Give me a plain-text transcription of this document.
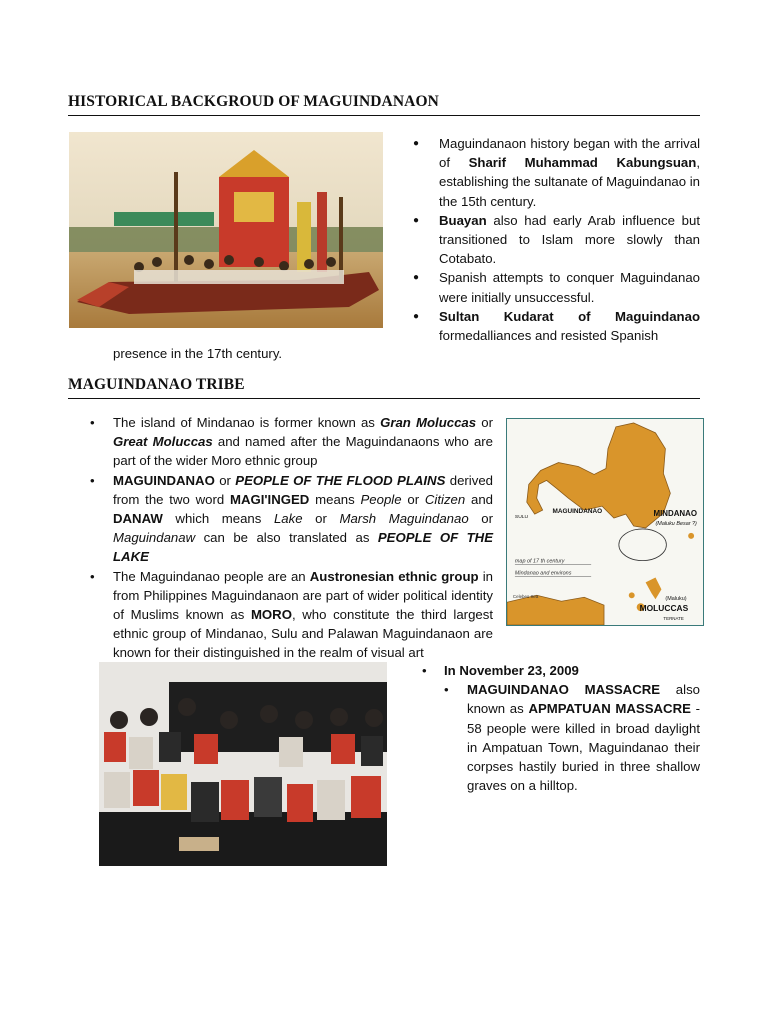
HISTORICAL BACKGROUD OF MAGUINDANAON
● Maguindanaon history began with the arrival of Sharif Muhammad Kabungsuan, establishing the sultanate of Maguindanao in the 15th century.
● Buayan also had early Arab influence but transitioned to Islam more slowly than Cotabato.
● Spanish attempts to conquer Maguindanao were initially unsuccessful.
● Sultan Kudarat of Maguindanao formedalliances and resisted Spanish
presence in the 17th century.
MAGUINDANAO TRIBE
• The island of Mindanao is former known as Gran Moluccas or Great Moluccas and named after the Maguindanaons who are part of the wider Moro ethnic group
• MAGUINDANAO or PEOPLE OF THE FLOOD PLAINS derived from the two word MAGI'INGED means People or Citizen and DANAW which means Lake or Marsh Maguindanao or Maguindanaw can be also translated as PEOPLE OF THE LAKE
• The Maguindanao people are an Austronesian ethnic group in from Philippines Maguindanaon are part of wider political identity of Muslims known as MORO, who constitute the third largest ethnic group of Mindanao, Sulu and Palawan Maguindanaon are known for their distinguished in the realm of visual art
MINDANAO
(Maluku Besar ?)
MAGUINDANAO
SULU
map of 17 th century
Mindanao and environs
Celebes Sea	(Maluku)
MOLUCCAS
TERNATE
• In November 23, 2009
• MAGUINDANAO MASSACRE also known as APMPATUAN MASSACRE - 58 people were killed in broad daylight in Ampatuan Town, Maguindanao their corpses hastily buried in three shallow graves on a hilltop.
